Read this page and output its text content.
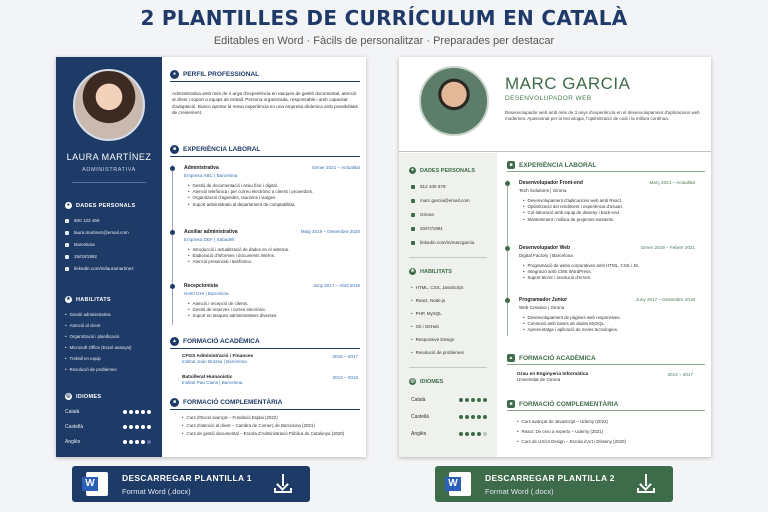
2 PLANTILLES DE CURRÍCULUM EN CATALÀ
Editables en Word · Fàcils de personalitzar · Preparades per destacar
LAURA MARTÍNEZ
ADMINISTRATIVA
●	DADES PERSONALS
600 123 456
laura.martinez@email.com
Barcelona
15/03/1992
linkedin.com/in/lauramartinez
★ HABILITATS
• Gestió administrativa
• Atenció al client
• Organització i planificació
• Microsoft Office (Excel avançat)
• Treball en equip
• Resolució de problemes
◎ IDIOMES
Català
Castellà
Anglès
●	PERFIL PROFESSIONAL
Administrativa amb més de 4 anys d'experiència en tasques de gestió documental, atenció al client i suport a equips de treball. Persona organitzada, responsable i amb capacitat d'adaptació. Busco aportar la meva experiència en una empresa dinàmica amb possibilitats de creixement.
■	EXPERIÈNCIA LABORAL
Administrativa	Gener 2021 – Actualitat
Empresa ABC | Barcelona
• Gestió de documentació i arxiu físic i digital.
• Atenció telefònica i per correu electrònic a clients i proveïdors.
• Organització d'agendes, reunions i viatges.
• Suport administratiu al departament de comptabilitat.
Auxiliar administrativa	Maig 2019 – Desembre 2020
Empresa DEF | Sabadell
• Introducció i actualització de dades en el sistema.
• Elaboració d'informes i documents interns.
• Atenció presencial i telefònica.
Recepcionista	Juny 2017 – Abril 2019
Hotel GHI | Barcelona
• Atenció i recepció de clients.
• Gestió de reserves i correu electrònic.
• Suport en tasques administratives diverses.
▲ FORMACIÓ ACADÈMICA
CFGS Administració i Finances
Institut Joan Brossa | Barcelona
2015 – 2017
Batxillerat Humanístic
Institut Pau Claris | Barcelona
2013 – 2015
■	FORMACIÓ COMPLEMENTÀRIA
• Curs d'Excel avançat – Fundació Esplai (2022)
• Curs d'atenció al client – Cambra de Comerç de Barcelona (2021)
• Curs de gestió documental – Escola d'Administració Pública de Catalunya (2020)
MARC GARCIA
DESENVOLUPADOR WEB
Desenvolupador web amb més de 3 anys d'experiència en el desenvolupament d'aplicacions web modernes. Apassionat per la tecnologia, l'optimització de codi i la millora contínua.
●	DADES PERSONALS
612 345 678
marc.garcia@email.com
Girona
20/07/1991
linkedin.com/in/marcgarcia
★ HABILITATS
• HTML, CSS, JavaScript
• React, Node.js
• PHP, MySQL
• Git i GitHub
• Responsive Design
• Resolució de problemes
◎ IDIOMES
Català
Castellà
Anglès
■ EXPERIÈNCIA LABORAL
Desenvolupador Front-end	Març 2021 – Actualitat
Tech Solutions | Girona
• Desenvolupament d'aplicacions web amb React.
• Optimització del rendiment i experiència d'usuari.
• Col·laboració amb equip de disseny i back-end.
• Manteniment i millora de projectes existents.
Desenvolupador Web	Gener 2019 – Febrer 2021
Digital Factory | Barcelona
• Programació de webs corporatives amb HTML, CSS i JS.
• Integració amb CMS WordPress.
• Suport tècnic i resolució d'errors.
Programador Junior	Juny 2017 – Desembre 2018
Web Creativa | Girona
• Desenvolupament de pàgines web responsives.
• Connexió amb bases de dades MySQL.
• Aprenentatge i aplicació de noves tecnologies.
▲ FORMACIÓ ACADÈMICA
Grau en Enginyeria Informàtica
Universitat de Girona
2013 – 2017
■ FORMACIÓ COMPLEMENTÀRIA
• Curs avançat de JavaScript – Udemy (2022)
• React: De cero a experto – Udemy (2021)
• Curs de UX/UI Design – Escola d'Art i Disseny (2020)
W
DESCARREGAR PLANTILLA 1
Format Word (.docx)
W
DESCARREGAR PLANTILLA 2
Format Word (.docx)
